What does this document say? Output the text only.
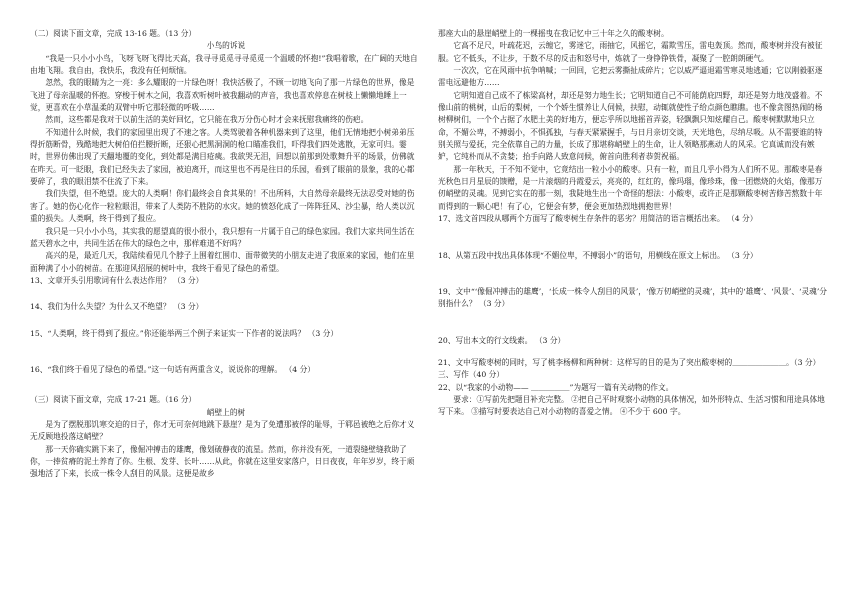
（二）阅读下面文章，完成 13-16 题。（13 分）

小鸟的诉说

“我是一只小小小鸟，飞呀飞呀飞得比天高，我寻寻觅觅寻寻觅觅一个温暖的怀抱!”我唱着歌，在广阔的天地自由地飞翔。我自由，我快乐，我没有任何烦恼。

忽然，我的眼睛为之一亮：多么耀眼的一片绿色呀！我快活极了，不顾一切地飞向了那一片绿色的世界，像是飞进了母亲温暖的怀抱。穿梭于树木之间，我喜欢听树叶被我翻动的声音，我也喜欢停息在树枝上懒懒地睡上一觉，更喜欢在小草温柔的双臂中听它那轻微的呼吸……

然而，这些都是我对于以前生活的美好回忆，它只能在我万分伤心时才会来抚慰我痛终的伤疤。

不知道什么时候，我们的家园里出现了不速之客。人类驾驶着各种机器来到了这里，他们无情地把小树弟弟压得折筋断骨，残酷地把大树伯伯拦腰折断，还狠心把黑洞洞的枪口瞄准我们，吓得我们四处逃散，无家可归。霎时，世界仿佛出现了天翻地覆的变化，到处都是满目疮痍。我欲哭无泪，回想以前那到处歌舞升平的场景，仿佛就在昨天。可一眨眼，我们已经失去了家园，被迫离开，而这里也不再是往日的乐园，看到了眼前的景象，我的心都要碎了，我的眼泪禁不住流了下来。

我们失望，但不绝望。庞大的人类啊！你们最终会自食其果的！不出所料，大自然母亲最终无法忍受对她的伤害了。她的伤心化作一粒粒眼泪，带来了人类防不胜防的水灾。她的愤怒化成了一阵阵狂风、沙尘暴，给人类以沉重的损失。人类啊，终于得到了报应。

我只是一只小小小鸟，其实我的愿望真的很小很小，我只想有一片属于自己的绿色家园。我们大家共同生活在蓝天碧水之中，共同生活在伟大的绿色之中，那样难道不好吗？

高兴的是，最近几天，我陆续看见几个脖子上围着红围巾、面带微笑的小朋友走进了我原来的家园，他们在里面种满了小小的树苗。在那迎风招展的树叶中，我终于看见了绿色的希望。

13、文章开头引用歌词有什么表达作用？ （3 分）

14、我们为什么失望？为什么又不绝望？ （3 分）

15、“人类啊，终于得到了报应。”你还能举两三个例子来证实一下作者的说法吗？ （3 分）

16、“我们终于看见了绿色的希望。”这一句话有两重含义，说说你的理解。 （4 分）

（三）阅读下面文章，完成 17-21 题。（16 分）

峭壁上的树

是为了摆脱那饥寒交迫的日子，你才无可奈何地跳下悬崖？是为了免遭那被俘的耻辱，于郓邑被绝之后你才义无反顾地投落这峭壁？

那一天你确实跳下来了，像倔冲搏击的雄鹰，像划破静夜的流星。然而，你并没有死，一道裂缝壁缝救助了你，一捧贫瘠的泥土养育了你。生根、发芽、长叶……从此，你就在这里安家落户，日日夜夜，年年岁岁，终于顽强地活了下来，长成一株令人刮目的风景。这便是故乡

那座大山的悬崖峭壁上的一棵摇曳在我记忆中三十年之久的酸枣树。

它高不足尺，叶疏花迟，云缠它，雾迷它，雨抽它，风摇它，霜欺雪压，雷电轰顶。然而，酸枣树并没有被征服。它不低头，不让步，于数不尽的反击和怒号中，炼就了一身铮铮铁骨，凝聚了一腔朗朗硬气。

一次次，它在风雨中抗争呐喊；一回回，它把云雾撕扯成碎片；它以威严逼退霜雪寒灵地逃遁；它以刚毅驱逐雷电远避他方……

它明知道自己成不了栋梁高材，却还是努力地生长；它明知道自己不可能荫庇四野，却还是努力地茂盛着。不像山前的桃树，山后的梨树，一个个娇生惯养让人伺候，扶慰，动辄就使性子给点颜色瞧瞧。也不像贪图热闹的杨树柳树们，一个个占据了水肥土美的好地方，便忘乎所以地摇首弄姿，轻飘飘只知炫耀自己。酸枣树默默地只立命，不媚公卑，不搏弱小，不惧孤独，与春天紧紧握手，与日月亲切交谈，天光地色，尽纳尽吸。从不需要谁的特别关照与爱抚，完全依靠自己的力量，长成了那堪称峭壁上的生命，让人领略那燕动人的风采。它真诚而没有嫉妒，它纯朴而从不贪婪；抬手向路人致意问候，俯首向胜利者恭贺祝福。

那一年秋天，于不知不觉中，它竟结出一粒小小的酸枣。只有一粒，而且几乎小得为人们所不见。那酸枣是春光秋色日月星辰的馈赠，是一片滚烟的丹霞爱云，亮亮的，红红的，像玛瑙，像珍珠，像一团燃烧的火焰，像那万仞峭壁的灵魂。见到它实在的那一刻，我陡地生出一个奇怪的想法：小酸枣，或许正是那颗酸枣树苦修苦熬数十年而得到的一颗心吧！有了心，它便会有梦，便会更加热烈地拥抱世界！

17、选文首四段从哪两个方面写了酸枣树生存条件的恶劣？用简洁的语言概括出来。 （4 分）

18、从第五段中找出具体体现“不媚位卑，不搏弱小”的语句，用横线在原文上标出。 （3 分）

19、文中“‘像倔冲搏击的雄鹰’，‘长成一株令人刮目的风景’，‘像万仞峭壁的灵魂’，其中的‘雄鹰’、‘风景’、‘灵魂’分别指什么？ （3 分）

20、写出本文的行文线索。 （3 分）

21、文中写酸枣树的同时，写了桃李杨柳和两种树：这样写的目的是为了突出酸枣树的＿＿＿＿＿＿＿。（3 分）

三、写作（40 分）

22、以“我家的小动物—— ＿＿＿＿＿”为题写一篇有关动物的作文。

要求：①写前先把题目补充完整。 ②把自己平时观察小动物的具体情况，如外形特点、生活习惯和用途具体地写下来。 ③描写时要表达自己对小动物的喜爱之情。 ④不少于 600 字。
